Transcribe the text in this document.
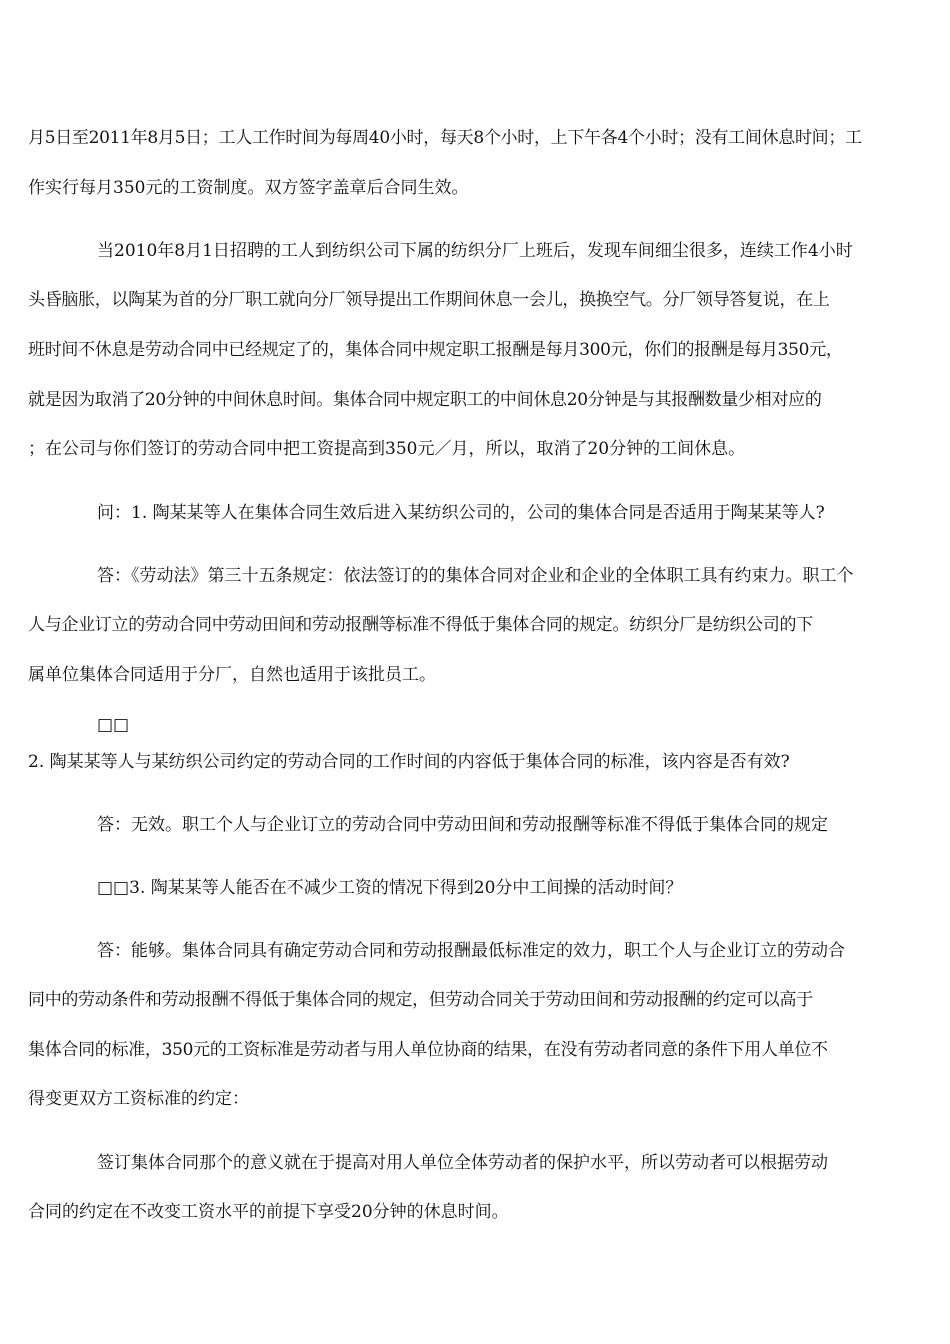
月5日至2011年8月5日；工人工作时间为每周40小时，每天8个小时，上下午各4个小时；没有工间休息时间；工
作实行每月350元的工资制度。双方签字盖章后合同生效。
当2010年8月1日招聘的工人到纺织公司下属的纺织分厂上班后，发现车间细尘很多，连续工作4小时
头昏脑胀，以陶某为首的分厂职工就向分厂领导提出工作期间休息一会儿，换换空气。分厂领导答复说，在上
班时间不休息是劳动合同中已经规定了的，集体合同中规定职工报酬是每月300元，你们的报酬是每月350元，
就是因为取消了20分钟的中间休息时间。集体合同中规定职工的中间休息20分钟是与其报酬数量少相对应的
；在公司与你们签订的劳动合同中把工资提高到350元／月，所以，取消了20分钟的工间休息。
问：1. 陶某某等人在集体合同生效后进入某纺织公司的，公司的集体合同是否适用于陶某某等人?
答：《劳动法》第三十五条规定：依法签订的的集体合同对企业和企业的全体职工具有约束力。职工个
人与企业订立的劳动合同中劳动田间和劳动报酬等标准不得低于集体合同的规定。纺织分厂是纺织公司的下
属单位集体合同适用于分厂，自然也适用于该批员工。
□□
2. 陶某某等人与某纺织公司约定的劳动合同的工作时间的内容低于集体合同的标准，该内容是否有效?
答：无效。职工个人与企业订立的劳动合同中劳动田间和劳动报酬等标准不得低于集体合同的规定
□□3. 陶某某等人能否在不减少工资的情况下得到20分中工间操的活动时间？
答：能够。集体合同具有确定劳动合同和劳动报酬最低标准定的效力，职工个人与企业订立的劳动合
同中的劳动条件和劳动报酬不得低于集体合同的规定，但劳动合同关于劳动田间和劳动报酬的约定可以高于
集体合同的标准，350元的工资标准是劳动者与用人单位协商的结果，在没有劳动者同意的条件下用人单位不
得变更双方工资标准的约定：
签订集体合同那个的意义就在于提高对用人单位全体劳动者的保护水平，所以劳动者可以根据劳动
合同的约定在不改变工资水平的前提下享受20分钟的休息时间。
